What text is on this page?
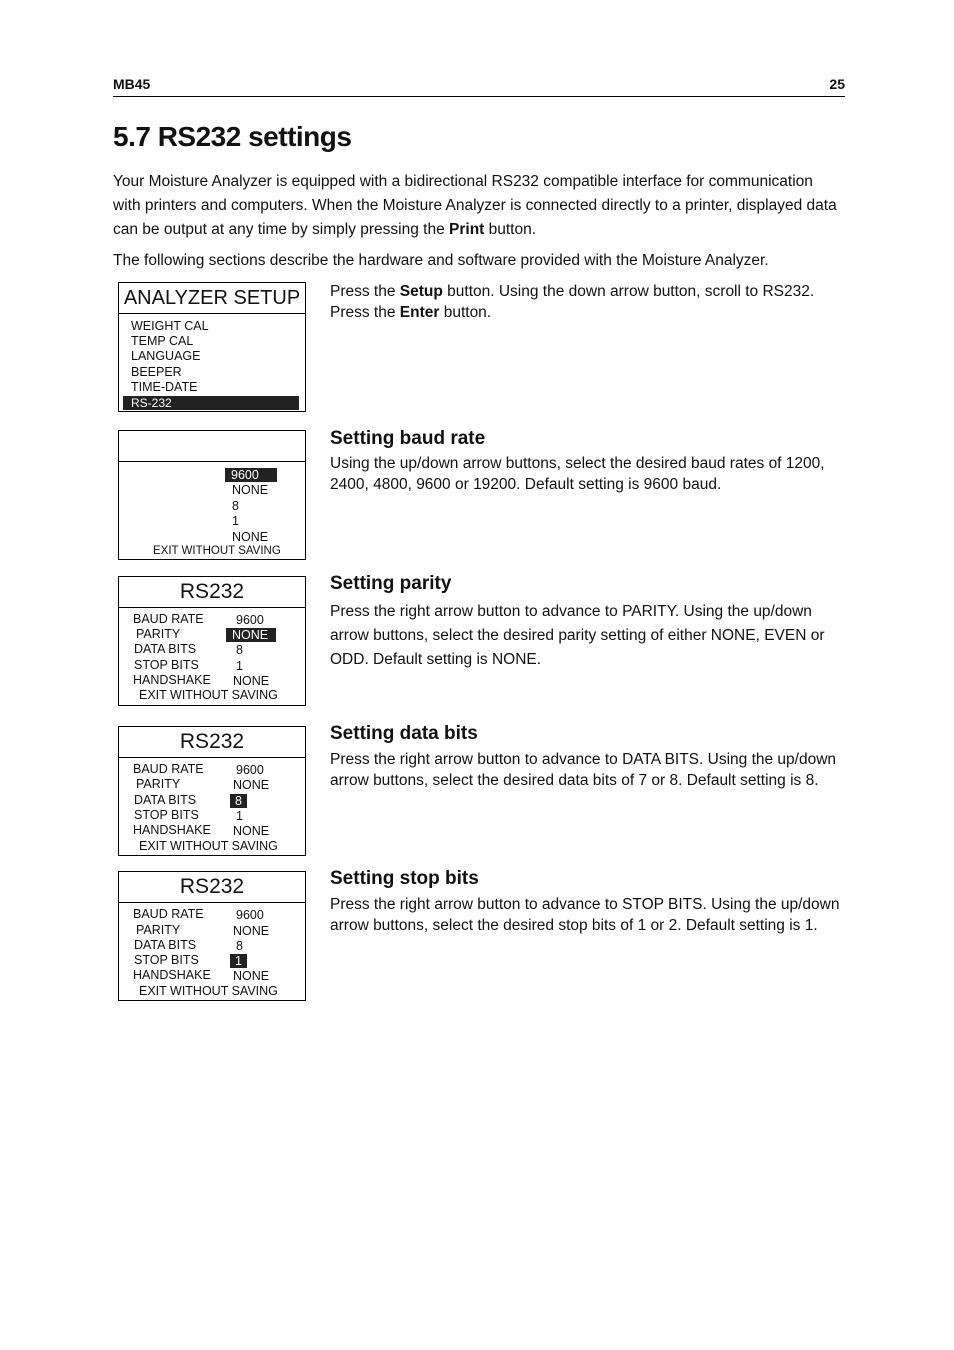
MB45	25
5.7 RS232 settings
Your Moisture Analyzer is equipped with a bidirectional RS232 compatible interface for communication with printers and computers. When the Moisture Analyzer is connected directly to a printer, displayed data can be output at any time by simply pressing the Print button.
The following sections describe the hardware and software provided with the Moisture Analyzer.
ANALYZER SETUP
WEIGHT CAL
TEMP CAL
LANGUAGE
BEEPER
TIME-DATE
RS-232
Press the Setup button. Using the down arrow button, scroll to RS232. Press the Enter button.
9600
NONE
8
1
NONE
EXIT WITHOUT SAVING
Setting baud rate
Using the up/down arrow buttons, select the desired baud rates of 1200, 2400, 4800, 9600 or 19200. Default setting is 9600 baud.
RS232
BAUD RATE	9600
PARITY	NONE
DATA BITS	8
STOP BITS	1
HANDSHAKE NONE
EXIT WITHOUT SAVING
Setting parity
Press the right arrow button to advance to PARITY. Using the up/down arrow buttons, select the desired parity setting of either NONE, EVEN or ODD. Default setting is NONE.
RS232
BAUD RATE	9600
PARITY	NONE
DATA BITS	8
STOP BITS	1
HANDSHAKE NONE
EXIT WITHOUT SAVING
Setting data bits
Press the right arrow button to advance to DATA BITS. Using the up/down arrow buttons, select the desired data bits of 7 or 8. Default setting is 8.
RS232
BAUD RATE	9600
PARITY	NONE
DATA BITS	8
STOP BITS	1
HANDSHAKE NONE
EXIT WITHOUT SAVING
Setting stop bits
Press the right arrow button to advance to STOP BITS. Using the up/down arrow buttons, select the desired stop bits of 1 or 2. Default setting is 1.
